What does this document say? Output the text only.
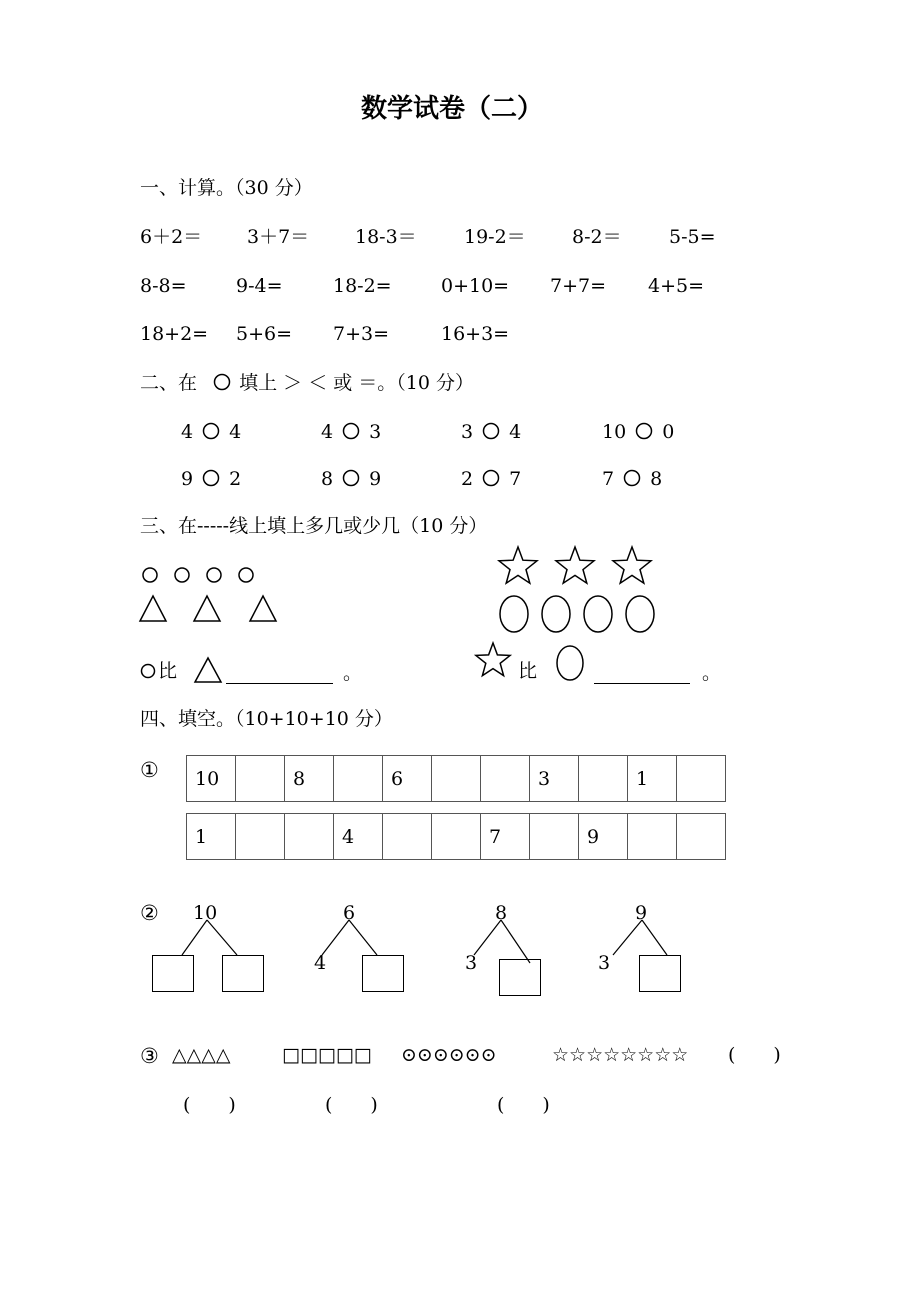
数学试卷（二）
一、计算。（30 分）
6＋2＝ 3＋7＝ 18-3＝ 19-2＝ 8-2＝ 5-5=
8-8=	9-4=	18-2=	0+10= 7+7= 4+5=
18+2= 5+6= 7+3=	16+3=
二、在 填上 ＞ ＜ 或 ＝。（10 分）
4 4	4 3	3 4	10 0
9 2	8 9	2 7	7 8
三、在-----线上填上多几或少几（10 分）
比	。	比	。
四、填空。（10+10+10 分）
① 10		8		6			3		1	
1			4			7		9		
② 10	6
4
8
3
9
3
③ △△△△	□□□□□ ⊙⊙⊙⊙⊙⊙	☆☆☆☆☆☆☆☆ (　　)
(　　)	(　　)	(　　)
